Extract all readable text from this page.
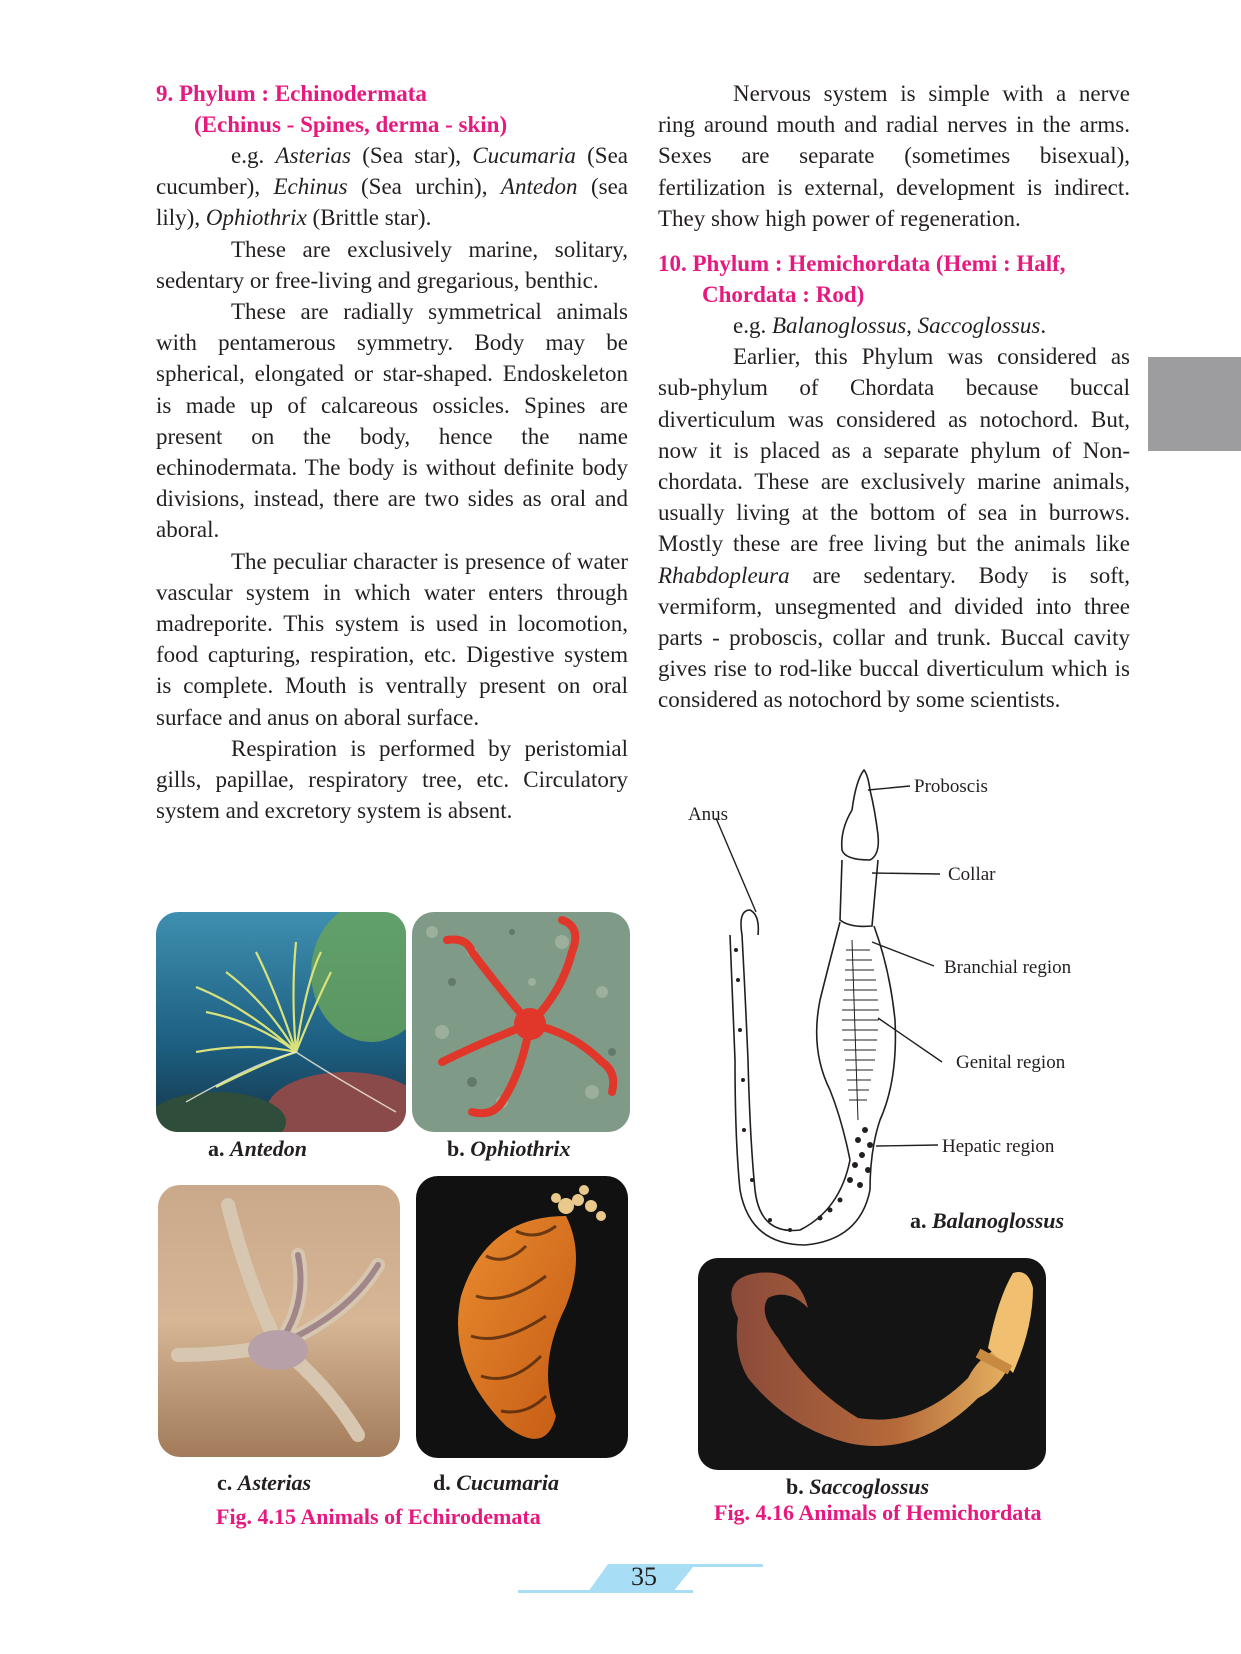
9. Phylum : Echinodermata
(Echinus - Spines, derma - skin)

e.g. Asterias (Sea star), Cucumaria (Sea cucumber), Echinus (Sea urchin), Antedon (sea lily), Ophiothrix (Brittle star).

These are exclusively marine, solitary, sedentary or free-living and gregarious, benthic.

These are radially symmetrical animals with pentamerous symmetry. Body may be spherical, elongated or star-shaped. Endoskeleton is made up of calcareous ossicles. Spines are present on the body, hence the name echinodermata. The body is without definite body divisions, instead, there are two sides as oral and aboral.

The peculiar character is presence of water vascular system in which water enters through madreporite. This system is used in locomotion, food capturing, respiration, etc. Digestive system is complete. Mouth is ventrally present on oral surface and anus on aboral surface.

Respiration is performed by peristomial gills, papillae, respiratory tree, etc. Circulatory system and excretory system is absent.

Nervous system is simple with a nerve ring around mouth and radial nerves in the arms. Sexes are separate (sometimes bisexual), fertilization is external, development is indirect. They show high power of regeneration.

10. Phylum : Hemichordata (Hemi : Half,
Chordata : Rod)

e.g. Balanoglossus, Saccoglossus.

Earlier, this Phylum was considered as sub-phylum of Chordata because buccal diverticulum was considered as notochord. But, now it is placed as a separate phylum of Non-chordata. These are exclusively marine animals, usually living at the bottom of sea in burrows. Mostly these are free living but the animals like Rhabdopleura are sedentary. Body is soft, vermiform, unsegmented and divided into three parts - proboscis, collar and trunk. Buccal cavity gives rise to rod-like buccal diverticulum which is considered as notochord by some scientists.

a. Antedon	b. Ophiothrix
c. Asterias	d. Cucumaria
Fig. 4.15 Animals of Echirodemata
Proboscis
Anus
Collar
Branchial region
Genital region
Hepatic region
a. Balanoglossus
b. Saccoglossus
Fig. 4.16 Animals of Hemichordata
35
